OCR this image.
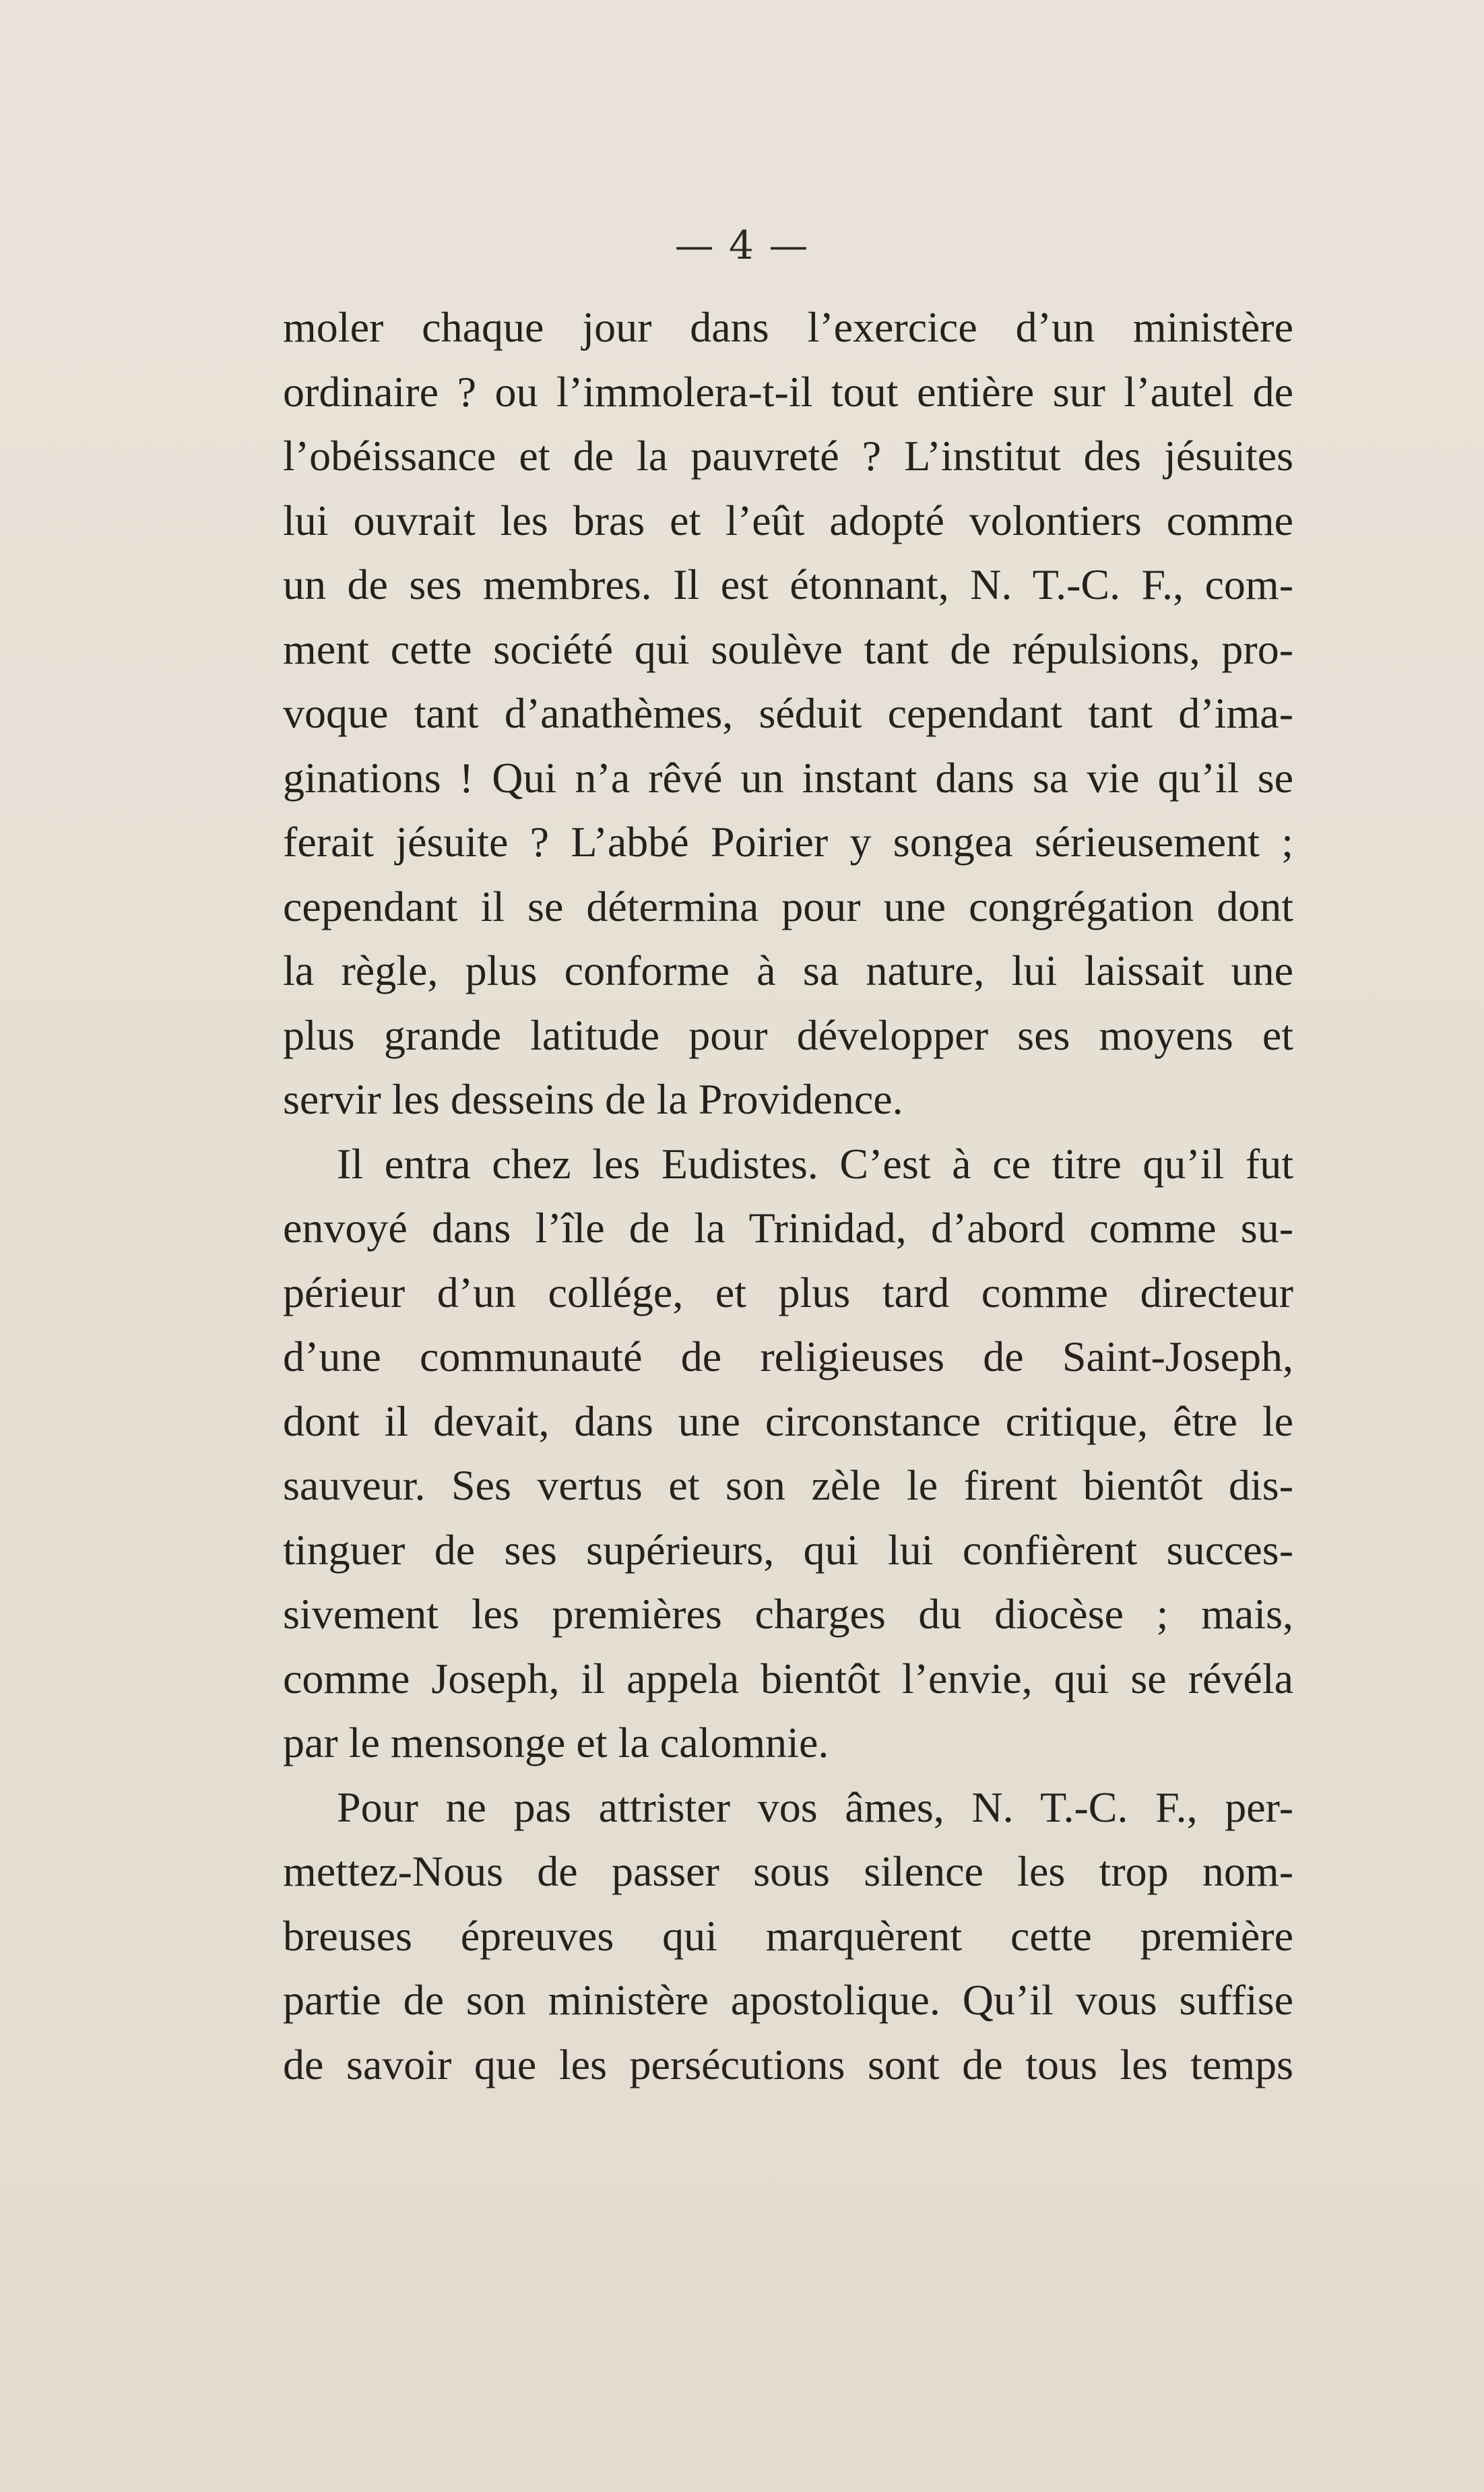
— 4 —
moler chaque jour dans l’exercice d’un ministère
ordinaire ? ou l’immolera-t-il tout entière sur l’autel de
l’obéissance et de la pauvreté ? L’institut des jésuites
lui ouvrait les bras et l’eût adopté volontiers comme
un de ses membres. Il est étonnant, N. T.-C. F., com-
ment cette société qui soulève tant de répulsions, pro-
voque tant d’anathèmes, séduit cependant tant d’ima-
ginations ! Qui n’a rêvé un instant dans sa vie qu’il se
ferait jésuite ? L’abbé Poirier y songea sérieusement ;
cependant il se détermina pour une congrégation dont
la règle, plus conforme à sa nature, lui laissait une
plus grande latitude pour développer ses moyens et
servir les desseins de la Providence.
Il entra chez les Eudistes. C’est à ce titre qu’il fut
envoyé dans l’île de la Trinidad, d’abord comme su-
périeur d’un collége, et plus tard comme directeur
d’une communauté de religieuses de Saint-Joseph,
dont il devait, dans une circonstance critique, être le
sauveur. Ses vertus et son zèle le firent bientôt dis-
tinguer de ses supérieurs, qui lui confièrent succes-
sivement les premières charges du diocèse ; mais,
comme Joseph, il appela bientôt l’envie, qui se révéla
par le mensonge et la calomnie.
Pour ne pas attrister vos âmes, N. T.-C. F., per-
mettez-Nous de passer sous silence les trop nom-
breuses épreuves qui marquèrent cette première
partie de son ministère apostolique. Qu’il vous suffise
de savoir que les persécutions sont de tous les temps
